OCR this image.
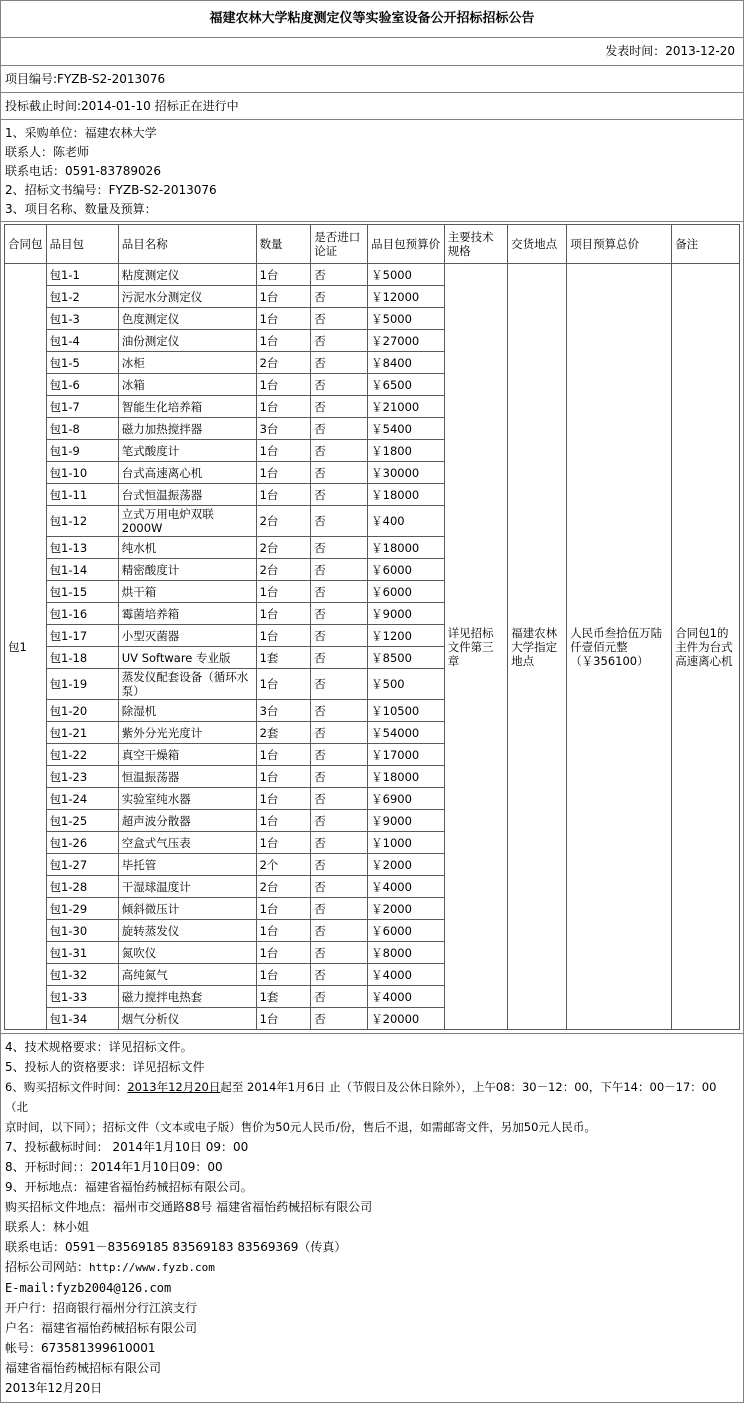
福建农林大学粘度测定仪等实验室设备公开招标招标公告
发表时间：2013-12-20
项目编号:FYZB-S2-2013076
投标截止时间:2014-01-10 招标正在进行中
1、采购单位：福建农林大学
联系人：陈老师
联系电话：0591-83789026
2、招标文书编号：FYZB-S2-2013076
3、项目名称、数量及预算：
合同包	品目包	品目名称	数量	是否进口论证	品目包预算价	主要技术规格	交货地点	项目预算总价	备注
包1	包1-1	粘度测定仪	1台	否	￥5000	详见招标文件第三章	福建农林大学指定地点	人民币叁拾伍万陆仟壹佰元整（￥356100）	合同包1的主件为台式高速离心机
	包1-2	污泥水分测定仪	1台	否	￥12000				
	包1-3	色度测定仪	1台	否	￥5000				
	包1-4	油份测定仪	1台	否	￥27000				
	包1-5	冰柜	2台	否	￥8400				
	包1-6	冰箱	1台	否	￥6500				
	包1-7	智能生化培养箱	1台	否	￥21000				
	包1-8	磁力加热搅拌器	3台	否	￥5400				
	包1-9	笔式酸度计	1台	否	￥1800				
	包1-10	台式高速离心机	1台	否	￥30000				
	包1-11	台式恒温振荡器	1台	否	￥18000				
	包1-12	立式万用电炉双联2000W	2台	否	￥400				
	包1-13	纯水机	2台	否	￥18000				
	包1-14	精密酸度计	2台	否	￥6000				
	包1-15	烘干箱	1台	否	￥6000				
	包1-16	霉菌培养箱	1台	否	￥9000				
	包1-17	小型灭菌器	1台	否	￥1200				
	包1-18	UV Software 专业版	1套	否	￥8500				
	包1-19	蒸发仪配套设备（循环水泵）	1台	否	￥500				
	包1-20	除湿机	3台	否	￥10500				
	包1-21	紫外分光光度计	2套	否	￥54000				
	包1-22	真空干燥箱	1台	否	￥17000				
	包1-23	恒温振荡器	1台	否	￥18000				
	包1-24	实验室纯水器	1台	否	￥6900				
	包1-25	超声波分散器	1台	否	￥9000				
	包1-26	空盒式气压表	1台	否	￥1000				
	包1-27	毕托管	2个	否	￥2000				
	包1-28	干湿球温度计	2台	否	￥4000				
	包1-29	倾斜微压计	1台	否	￥2000				
	包1-30	旋转蒸发仪	1台	否	￥6000				
	包1-31	氮吹仪	1台	否	￥8000				
	包1-32	高纯氮气	1台	否	￥4000				
	包1-33	磁力搅拌电热套	1套	否	￥4000				
	包1-34	烟气分析仪	1台	否	￥20000				
4、技术规格要求：详见招标文件。
5、投标人的资格要求：详见招标文件
6、购买招标文件时间：2013年12月20日起至 2014年1月6日 止（节假日及公休日除外），上午08：30－12：00，下午14：00－17：00（北
京时间，以下同）；招标文件（文本或电子版）售价为50元人民币/份，售后不退，如需邮寄文件，另加50元人民币。
7、投标截标时间： 2014年1月10日 09：00
8、开标时间：：2014年1月10日09：00
9、开标地点：福建省福怡药械招标有限公司。
购买招标文件地点：福州市交通路88号 福建省福怡药械招标有限公司
联系人：林小姐
联系电话：0591－83569185 83569183 83569369（传真）
招标公司网站：http://www.fyzb.com
E-mail:fyzb2004@126.com
开户行：招商银行福州分行江滨支行
户名：福建省福怡药械招标有限公司
帐号：673581399610001
福建省福怡药械招标有限公司
2013年12月20日
